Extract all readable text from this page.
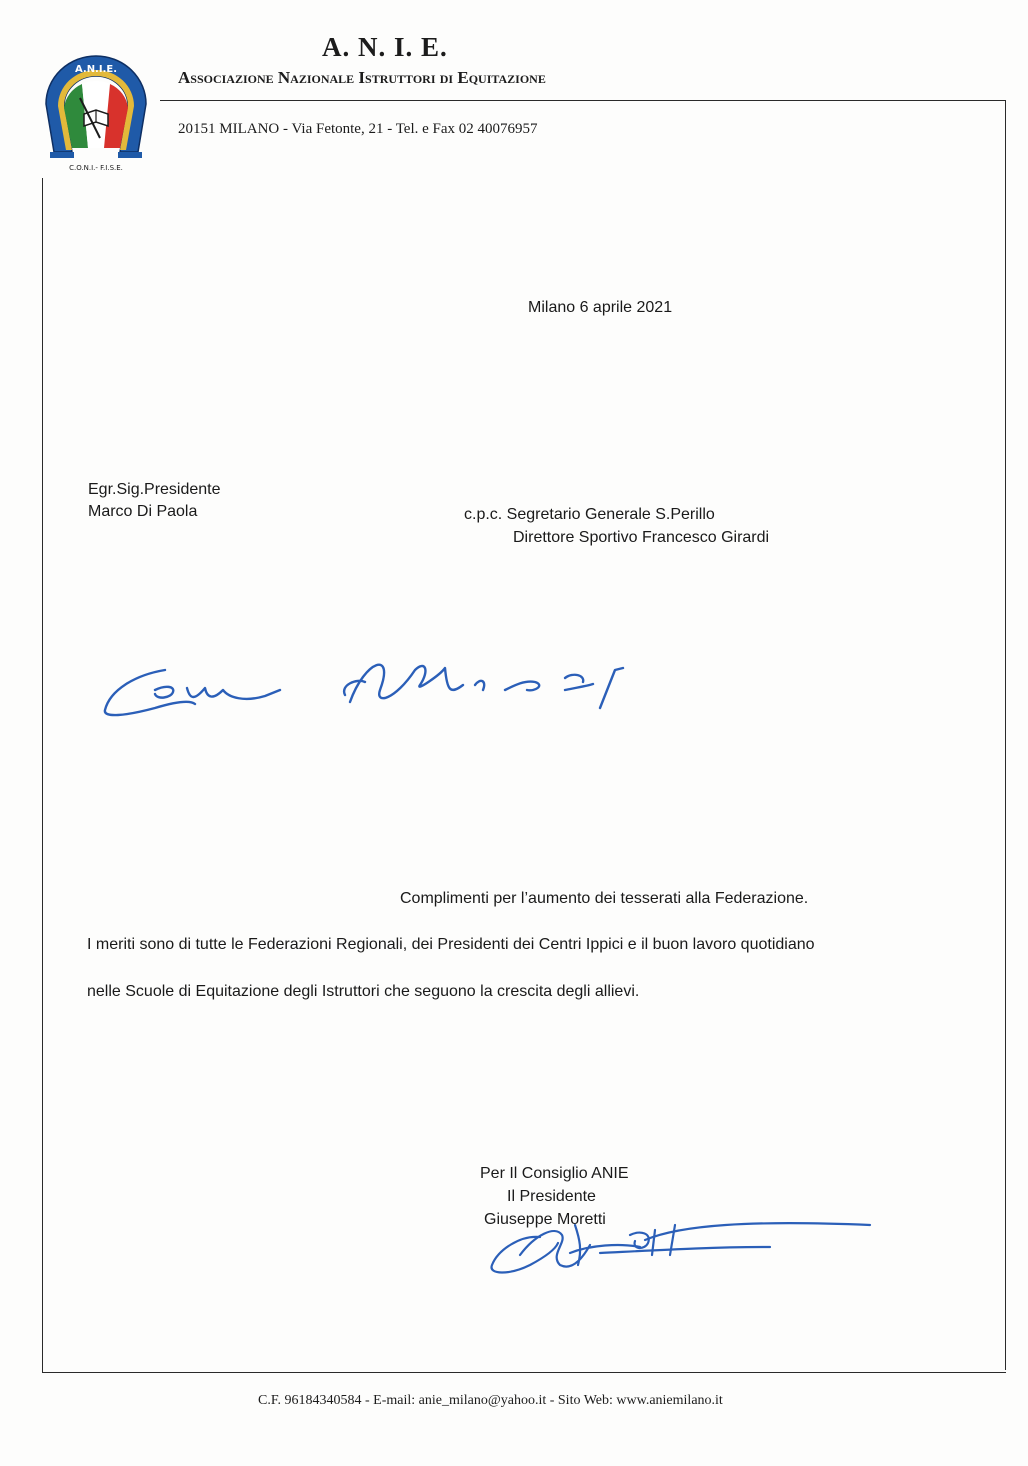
A.N.I.E.
C.O.N.I.- F.I.S.E.
A. N. I. E.
Associazione Nazionale Istruttori di Equitazione
20151 MILANO - Via Fetonte, 21 - Tel. e Fax 02 40076957
Milano 6 aprile 2021
Egr.Sig.Presidente
Marco Di Paola	c.p.c. Segretario Generale S.Perillo
Direttore Sportivo Francesco Girardi
Complimenti per l’aumento dei tesserati alla Federazione.
I meriti sono di tutte le Federazioni Regionali, dei Presidenti dei Centri Ippici e il buon lavoro quotidiano
nelle Scuole di Equitazione degli Istruttori che seguono la crescita degli allievi.
Per Il Consiglio ANIE
Il Presidente
Giuseppe Moretti
C.F. 96184340584 - E-mail: anie_milano@yahoo.it - Sito Web: www.aniemilano.it
